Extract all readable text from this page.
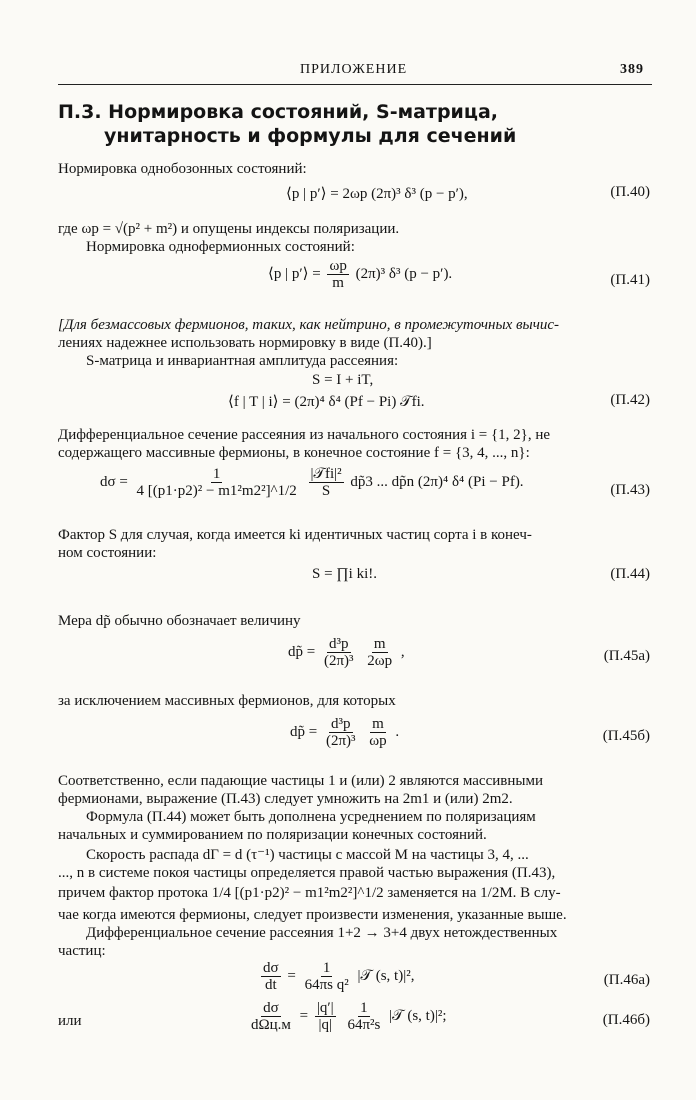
ПРИЛОЖЕНИЕ	389
П.3. Нормировка состояний, S-матрица,
унитарность и формулы для сечений
Нормировка однобозонных состояний:
⟨p | p′⟩ = 2ωp (2π)³ δ³ (p − p′),	(П.40)
где ωp = √(p² + m²) и опущены индексы поляризации.
Нормировка однофермионных состояний:
⟨p | p′⟩ = $\frac{\omega p}{m} (2\pi)^3$ δ³ (p − p′).	(П.41)
[Для безмассовых фермионов, таких, как нейтрино, в промежуточных вычис-
лениях надежнее использовать нормировку в виде (П.40).]
S-матрица и инвариантная амплитуда рассеяния:
S = I + iT,
⟨f | T | i⟩ = (2π)⁴ δ⁴ (Pf − Pi) 𝒯fi.	(П.42)
Дифференциальное сечение рассеяния из начального состояния i = {1, 2}, не
содержащего массивные фермионы, в конечное состояние f = {3, 4, ..., n}:
$d\sigma = \frac{1}{\text{4 [(p1·p2)² − m1²m2²]\textasciicircum{}1/2}}$
$\frac{\text{|𝒯fi|²}}{S}$ dp̃3 ... dp̃n (2π)⁴ δ⁴ (Pi − Pf).
(П.43)
Фактор S для случая, когда имеется ki идентичных частиц сорта i в конеч-
ном состоянии:
S = ∏i ki!.	(П.44)
Мера dp̃ обычно обозначает величину
dp̃ = $\frac{\text{d³p}}{\text{(2π)³}}$
$\frac{m}{2\omega p}$ ,	(П.45a)
за исключением массивных фермионов, для которых
dp̃ = $\frac{\text{d³p}}{\text{(2π)³}}$
$\frac{m}{\omega p}$ .	(П.45б)
Соответственно, если падающие частицы 1 и (или) 2 являются массивными
фермионами, выражение (П.43) следует умножить на 2m1 и (или) 2m2.
Формула (П.44) может быть дополнена усреднением по поляризациям
начальных и суммированием по поляризации конечных состояний.
Скорость распада dΓ = d (τ⁻¹) частицы с массой M на частицы 3, 4, ...
..., n в системе покоя частицы определяется правой частью выражения (П.43),
причем фактор протока 1/4 [(p1·p2)² − m1²m2²]^1/2 заменяется на 1/2M. В слу-
чае когда имеются фермионы, следует произвести изменения, указанные выше.
Дифференциальное сечение рассеяния 1+2 → 3+4 двух нетождественных
частиц:
$\frac{d\sigma}{dt} = \frac{1}{\text{64πs q²}}$ |𝒯 (s, t)|²,	(П.46a)
или	$\frac{d\sigma}{\text{dΩц.м}} = \frac{|q'|}{|q|}$
$\frac{1}{\text{64π²s}}$ |𝒯 (s, t)|²;	(П.46б)
